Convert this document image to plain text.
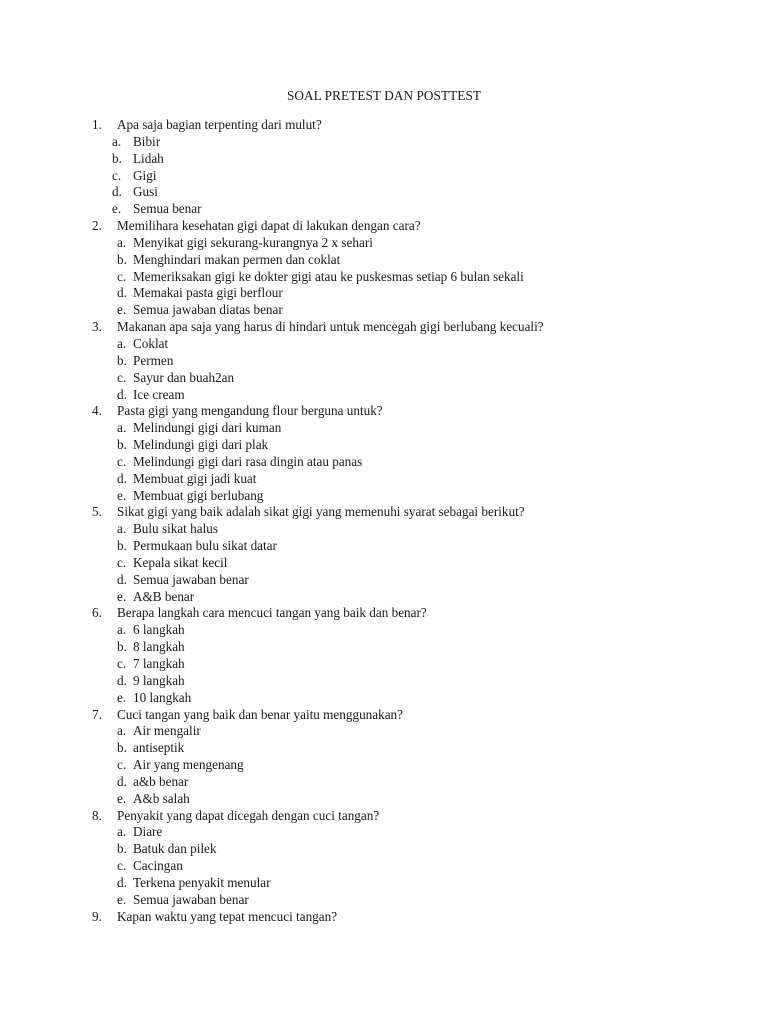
SOAL PRETEST DAN POSTTEST
1. Apa saja bagian terpenting dari mulut?
a. Bibir
b. Lidah
c. Gigi
d. Gusi
e. Semua benar
2. Memilihara kesehatan gigi dapat di lakukan dengan cara?
a. Menyikat gigi sekurang-kurangnya 2 x sehari
b. Menghindari makan permen dan coklat
c. Memeriksakan gigi ke dokter gigi atau ke puskesmas setiap 6 bulan sekali
d. Memakai pasta gigi berflour
e. Semua jawaban diatas benar
3. Makanan apa saja yang harus di hindari untuk mencegah gigi berlubang kecuali?
a. Coklat
b. Permen
c. Sayur dan buah2an
d. Ice cream
4. Pasta gigi yang mengandung flour berguna untuk?
a. Melindungi gigi dari kuman
b. Melindungi gigi dari plak
c. Melindungi gigi dari rasa dingin atau panas
d. Membuat gigi jadi kuat
e. Membuat gigi berlubang
5. Sikat gigi yang baik adalah sikat gigi yang memenuhi syarat sebagai berikut?
a. Bulu sikat halus
b. Permukaan bulu sikat datar
c. Kepala sikat kecil
d. Semua jawaban benar
e. A&B benar
6. Berapa langkah cara mencuci tangan yang baik dan benar?
a. 6 langkah
b. 8 langkah
c. 7 langkah
d. 9 langkah
e. 10 langkah
7. Cuci tangan yang baik dan benar yaitu menggunakan?
a. Air mengalir
b. antiseptik
c. Air yang mengenang
d. a&b benar
e. A&b salah
8. Penyakit yang dapat dicegah dengan cuci tangan?
a. Diare
b. Batuk dan pilek
c. Cacingan
d. Terkena penyakit menular
e. Semua jawaban benar
9. Kapan waktu yang tepat mencuci tangan?
